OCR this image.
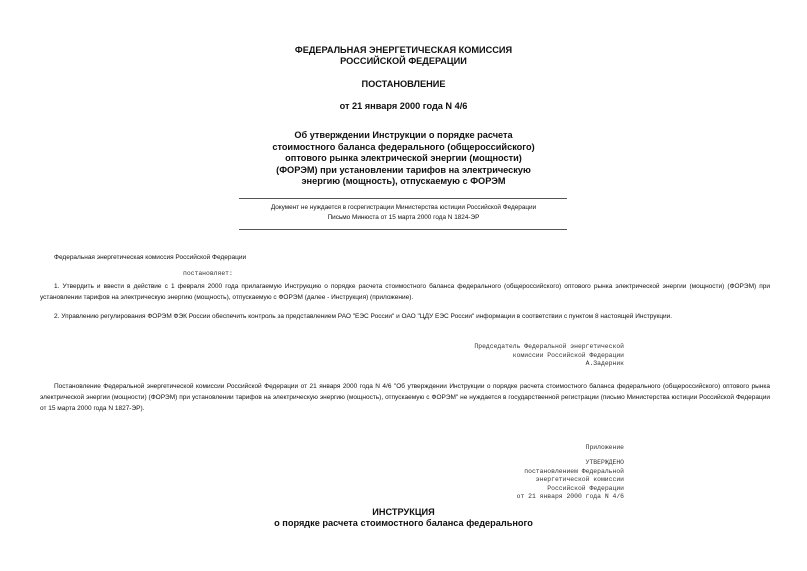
ФЕДЕРАЛЬНАЯ ЭНЕРГЕТИЧЕСКАЯ КОМИССИЯ

РОССИЙСКОЙ ФЕДЕРАЦИИ

ПОСТАНОВЛЕНИЕ

от 21 января 2000 года N 4/6

Об утверждении Инструкции о порядке расчета

стоимостного баланса федерального (общероссийского)

оптового рынка электрической энергии (мощности)

(ФОРЭМ) при установлении тарифов на электрическую

энергию (мощность), отпускаемую с ФОРЭМ

Документ не нуждается в госрегистрации Министерства юстиции Российской Федерации

Письмо Минюста от 15 марта 2000 года N 1824-ЭР

Федеральная энергетическая комиссия Российской Федерации

постановляет:

1. Утвердить и ввести в действие с 1 февраля 2000 года прилагаемую Инструкцию о порядке расчета стоимостного баланса федерального (общероссийского) оптового рынка электрической энергии (мощности) (ФОРЭМ) при установлении тарифов на электрическую энергию (мощность), отпускаемую с ФОРЭМ (далее - Инструкция) (приложение).

2. Управлению регулирования ФОРЭМ ФЭК России обеспечить контроль за представлением РАО "ЕЭС России" и ОАО "ЦДУ ЕЭС России" информации в соответствии с пунктом 8 настоящей Инструкции.

Председатель Федеральной энергетической
комиссии Российской Федерации
А.Задерник

Постановление Федеральной энергетической комиссии Российской Федерации от 21 января 2000 года N 4/6 "Об утверждении Инструкции о порядке расчета стоимостного баланса федерального (общероссийского) оптового рынка электрической энергии (мощности) (ФОРЭМ) при установлении тарифов на электрическую энергию (мощность), отпускаемую с ФОРЭМ" не нуждается в государственной регистрации (письмо Министерства юстиции Российской Федерации от 15 марта 2000 года N 1827-ЭР).

Приложение

УТВЕРЖДЕНО
постановлением Федеральной
энергетической комиссии
Российской Федерации
от 21 января 2000 года N 4/6

ИНСТРУКЦИЯ

о порядке расчета стоимостного баланса федерального
